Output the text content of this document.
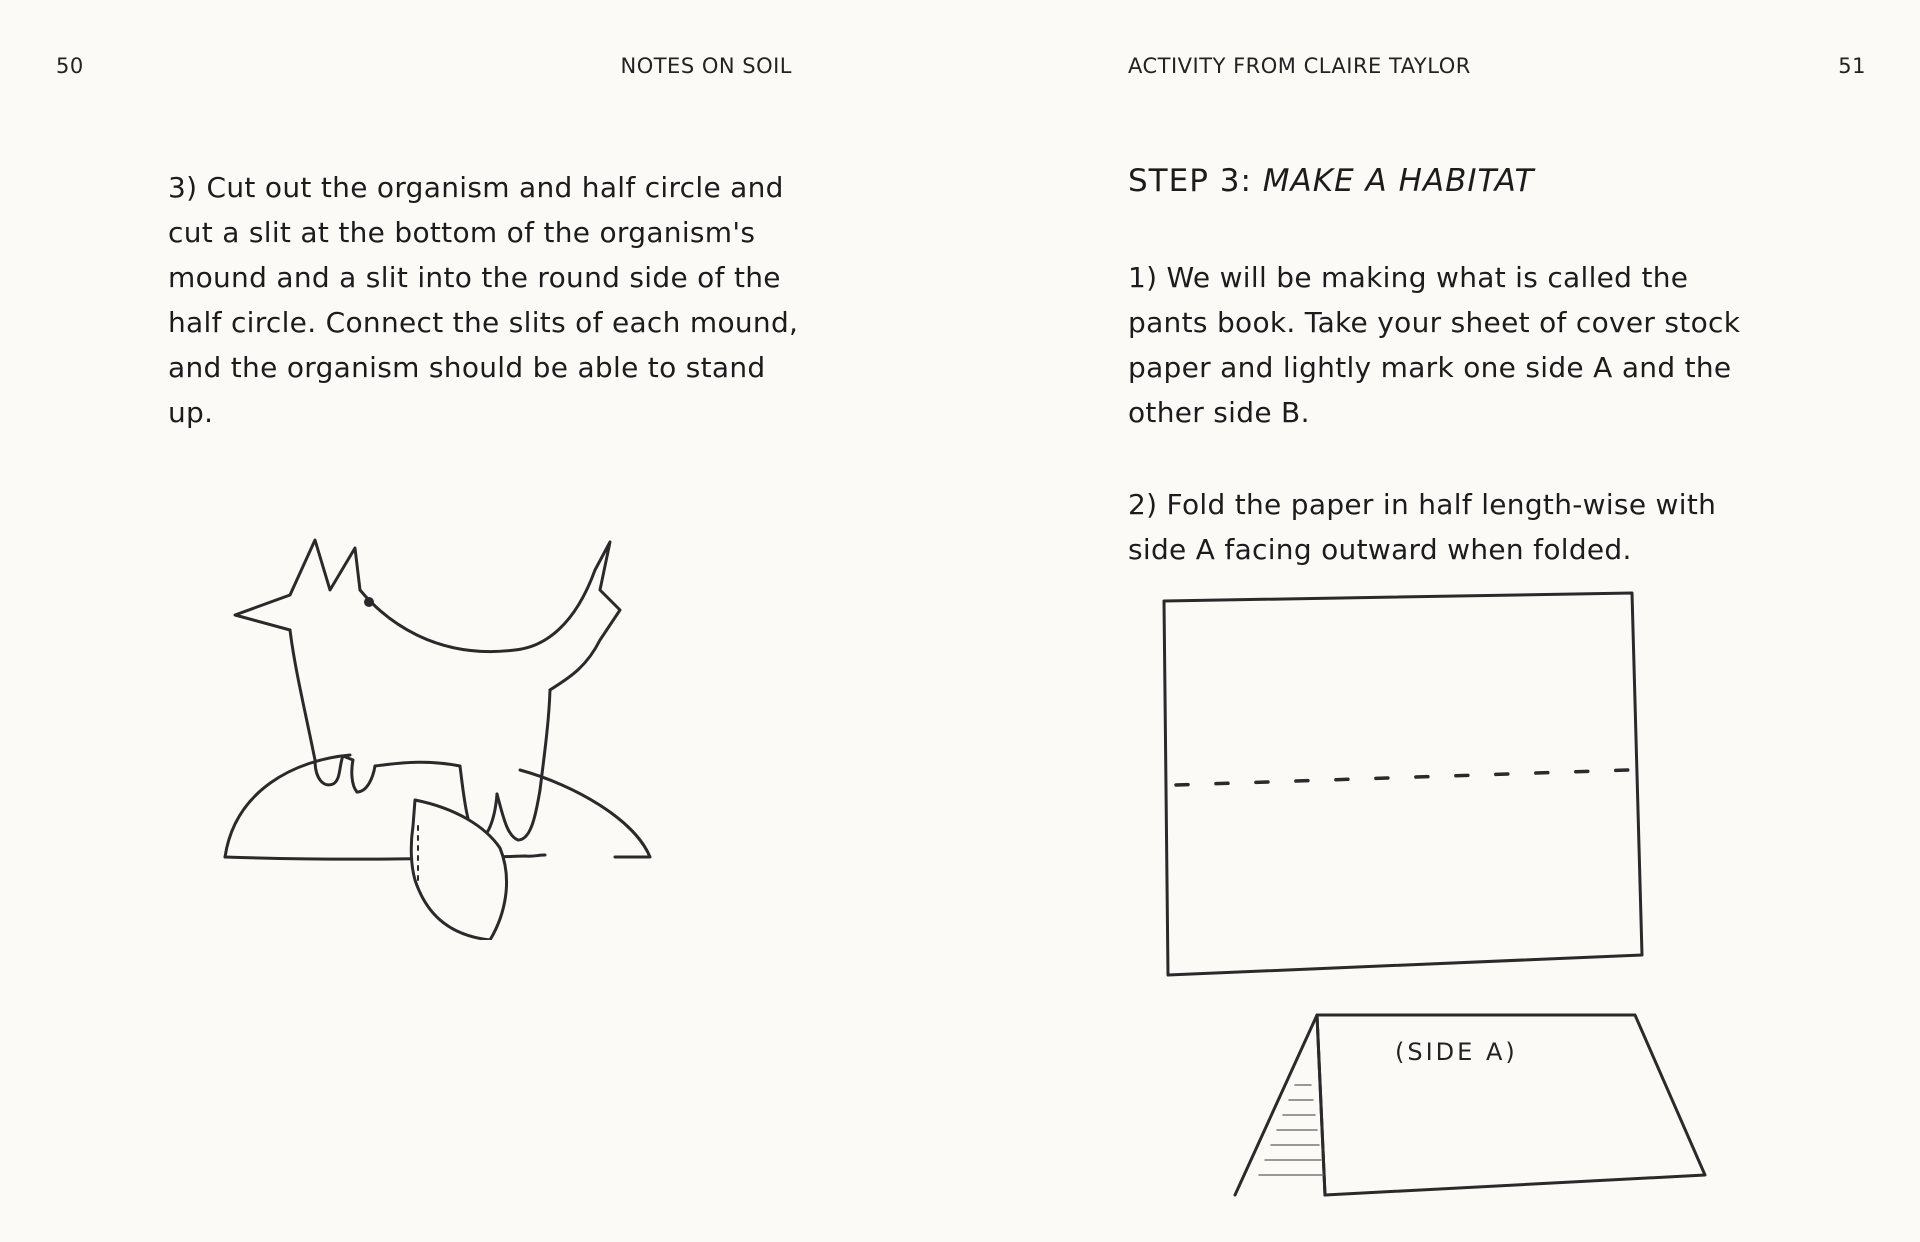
50	NOTES ON SOIL
3) Cut out the organism and half circle and cut a slit at the bottom of the organism's mound and a slit into the round side of the half circle. Connect the slits of each mound, and the organism should be able to stand up.
ACTIVITY FROM CLAIRE TAYLOR	51
STEP 3: MAKE A HABITAT
1) We will be making what is called the pants book. Take your sheet of cover stock paper and lightly mark one side A and the other side B.
2) Fold the paper in half length-wise with side A facing outward when folded.
(SIDE A)
